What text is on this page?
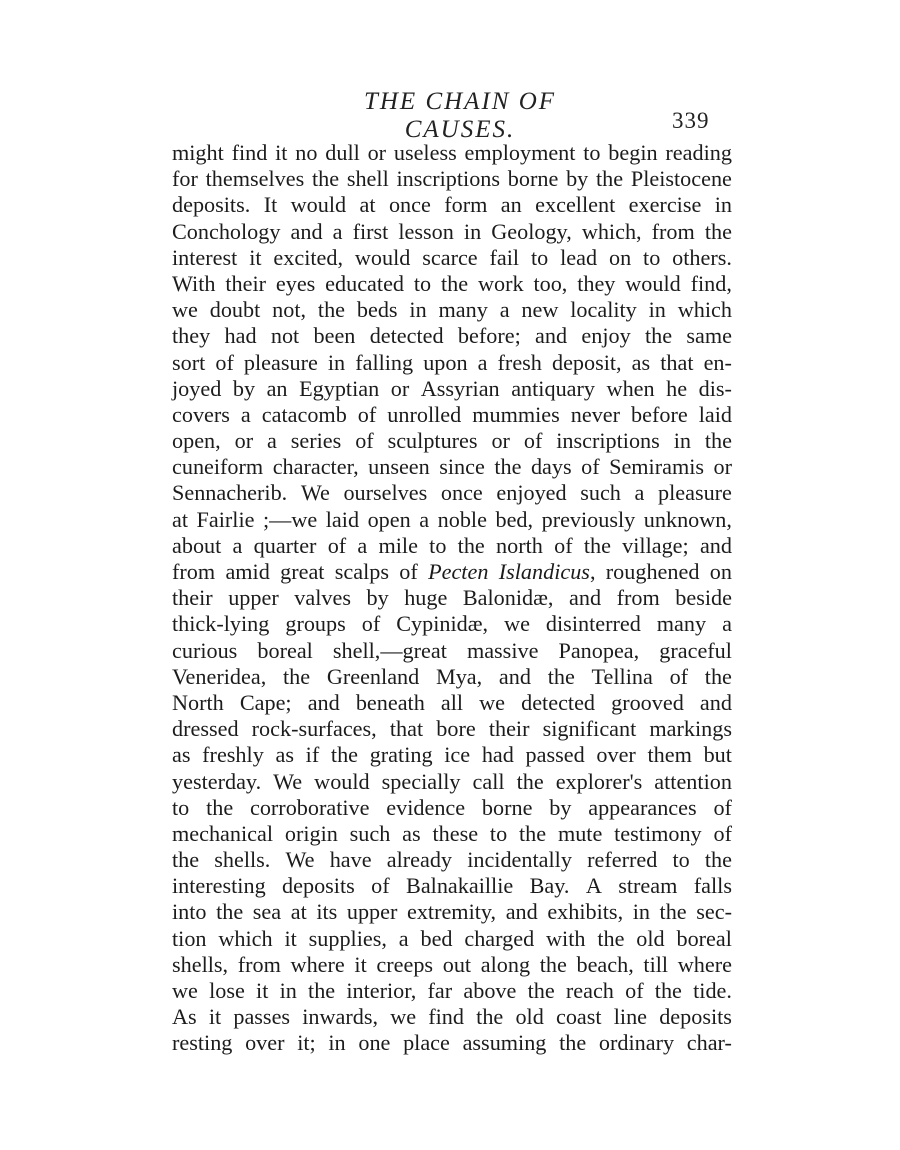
THE CHAIN OF CAUSES.	339
might find it no dull or useless employment to begin reading
for themselves the shell inscriptions borne by the Pleistocene
deposits. It would at once form an excellent exercise in
Conchology and a first lesson in Geology, which, from the
interest it excited, would scarce fail to lead on to others.
With their eyes educated to the work too, they would find,
we doubt not, the beds in many a new locality in which
they had not been detected before; and enjoy the same
sort of pleasure in falling upon a fresh deposit, as that en-
joyed by an Egyptian or Assyrian antiquary when he dis-
covers a catacomb of unrolled mummies never before laid
open, or a series of sculptures or of inscriptions in the
cuneiform character, unseen since the days of Semiramis or
Sennacherib. We ourselves once enjoyed such a pleasure
at Fairlie ;—we laid open a noble bed, previously unknown,
about a quarter of a mile to the north of the village; and
from amid great scalps of Pecten Islandicus, roughened on
their upper valves by huge Balonidæ, and from beside
thick-lying groups of Cypinidæ, we disinterred many a
curious boreal shell,—great massive Panopea, graceful
Veneridea, the Greenland Mya, and the Tellina of the
North Cape; and beneath all we detected grooved and
dressed rock-surfaces, that bore their significant markings
as freshly as if the grating ice had passed over them but
yesterday. We would specially call the explorer's attention
to the corroborative evidence borne by appearances of
mechanical origin such as these to the mute testimony of
the shells. We have already incidentally referred to the
interesting deposits of Balnakaillie Bay. A stream falls
into the sea at its upper extremity, and exhibits, in the sec-
tion which it supplies, a bed charged with the old boreal
shells, from where it creeps out along the beach, till where
we lose it in the interior, far above the reach of the tide.
As it passes inwards, we find the old coast line deposits
resting over it; in one place assuming the ordinary char-
